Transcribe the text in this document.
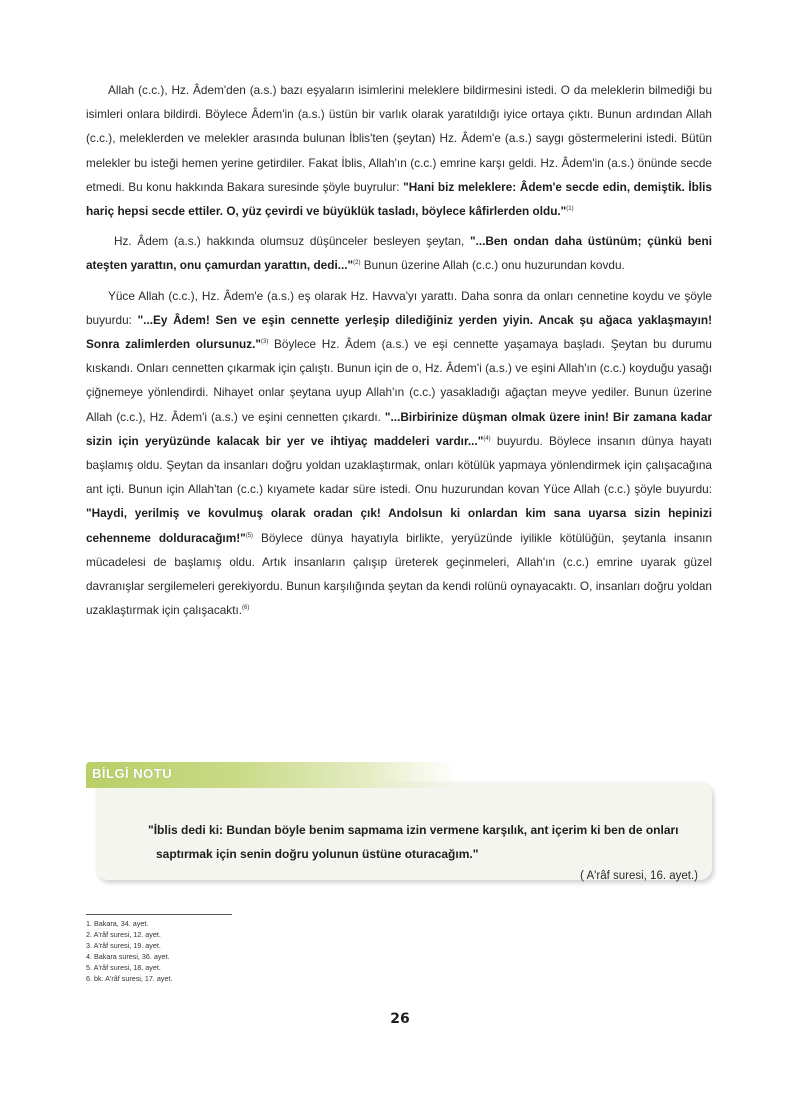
Allah (c.c.), Hz. Âdem'den (a.s.) bazı eşyaların isimlerini meleklere bildirmesini istedi. O da meleklerin bilmediği bu isimleri onlara bildirdi. Böylece Âdem'in (a.s.) üstün bir varlık olarak yaratıldığı iyice ortaya çıktı. Bunun ardından Allah (c.c.), meleklerden ve melekler arasında bulunan İblis'ten (şeytan) Hz. Âdem'e (a.s.) saygı göstermelerini istedi. Bütün melekler bu isteği hemen yerine getirdiler. Fakat İblis, Allah'ın (c.c.) emrine karşı geldi. Hz. Âdem'in (a.s.) önünde secde etmedi. Bu konu hakkında Bakara suresinde şöyle buyrulur: "Hani biz meleklere: Âdem'e secde edin, demiştik. İblis hariç hepsi secde ettiler. O, yüz çevirdi ve büyüklük tasladı, böylece kâfirlerden oldu."$^{(1)}$

Hz. Âdem (a.s.) hakkında olumsuz düşünceler besleyen şeytan, "...Ben ondan daha üstünüm; çünkü beni ateşten yarattın, onu çamurdan yarattın, dedi..."$^{(2)}$ Bunun üzerine Allah (c.c.) onu huzurundan kovdu.

Yüce Allah (c.c.), Hz. Âdem'e (a.s.) eş olarak Hz. Havva'yı yarattı. Daha sonra da onları cennetine koydu ve şöyle buyurdu: "...Ey Âdem! Sen ve eşin cennette yerleşip dilediğiniz yerden yiyin. Ancak şu ağaca yaklaşmayın! Sonra zalimlerden olursunuz."$^{(3)}$ Böylece Hz. Âdem (a.s.) ve eşi cennette yaşamaya başladı. Şeytan bu durumu kıskandı. Onları cennetten çıkarmak için çalıştı. Bunun için de o, Hz. Âdem'i (a.s.) ve eşini Allah'ın (c.c.) koyduğu yasağı çiğnemeye yönlendirdi. Nihayet onlar şeytana uyup Allah'ın (c.c.) yasakladığı ağaçtan meyve yediler. Bunun üzerine Allah (c.c.), Hz. Âdem'i (a.s.) ve eşini cennetten çıkardı. "...Birbirinize düşman olmak üzere inin! Bir zamana kadar sizin için yeryüzünde kalacak bir yer ve ihtiyaç maddeleri vardır..."$^{(4)}$ buyurdu. Böylece insanın dünya hayatı başlamış oldu. Şeytan da insanları doğru yoldan uzaklaştırmak, onları kötülük yapmaya yönlendirmek için çalışacağına ant içti. Bunun için Allah'tan (c.c.) kıyamete kadar süre istedi. Onu huzurundan kovan Yüce Allah (c.c.) şöyle buyurdu: "Haydi, yerilmiş ve kovulmuş olarak oradan çık! Andolsun ki onlardan kim sana uyarsa sizin hepinizi cehenneme dolduracağım!"$^{(5)}$ Böylece dünya hayatıyla birlikte, yeryüzünde iyilikle kötülüğün, şeytanla insanın mücadelesi de başlamış oldu. Artık insanların çalışıp üreterek geçinmeleri, Allah'ın (c.c.) emrine uyarak güzel davranışlar sergilemeleri gerekiyordu. Bunun karşılığında şeytan da kendi rolünü oynayacaktı. O, insanları doğru yoldan uzaklaştırmak için çalışacaktı.$^{(6)}$

"İblis dedi ki: Bundan böyle benim sapmama izin vermene karşılık, ant içerim ki ben de onları saptırmak için senin doğru yolunun üstüne oturacağım."
( A'râf suresi, 16. ayet.)
BİLGİ NOTU
1. Bakara, 34. ayet.
2. A'râf suresi, 12. ayet.
3. A'râf suresi, 19. ayet.
4. Bakara suresi, 36. ayet.
5. A'râf suresi, 18. ayet.
6. bk. A'râf suresi, 17. ayet.
26
